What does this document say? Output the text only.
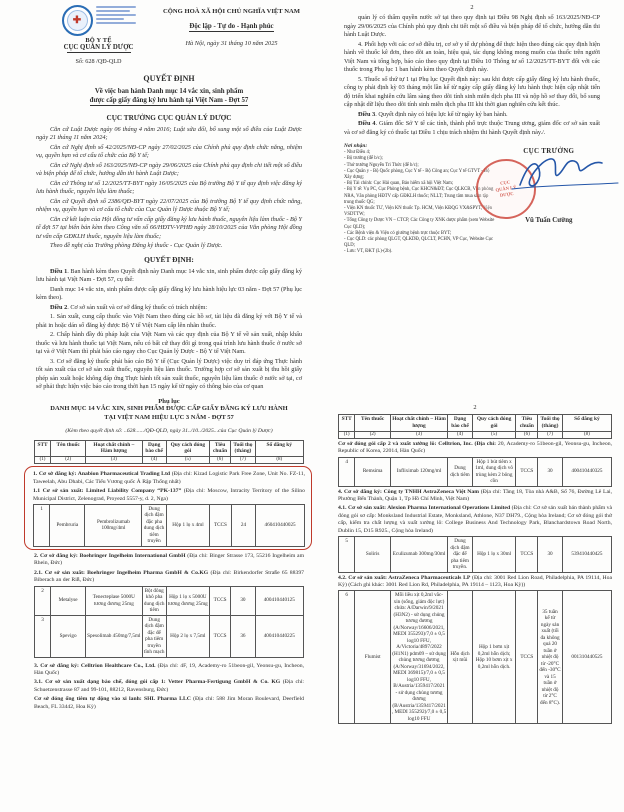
✚
BỘ Y TẾ
CỤC QUẢN LÝ DƯỢC
Số: 628 /QĐ-QLD
CỘNG HOÀ XÃ HỘI CHỦ NGHĨA VIỆT NAM
Độc lập - Tự do - Hạnh phúc
Hà Nội, ngày 31 tháng 10 năm 2025
QUYẾT ĐỊNH
Về việc ban hành Danh mục 14 vắc xin, sinh phẩm
được cấp giấy đăng ký lưu hành tại Việt Nam - Đợt 57
CỤC TRƯỞNG CỤC QUẢN LÝ DƯỢC

Căn cứ Luật Dược ngày 06 tháng 4 năm 2016; Luật sửa đổi, bổ sung một số điều của Luật Dược ngày 21 tháng 11 năm 2024;

Căn cứ Nghị định số 42/2025/NĐ-CP ngày 27/02/2025 của Chính phủ quy định chức năng, nhiệm vụ, quyền hạn và cơ cấu tổ chức của Bộ Y tế;

Căn cứ Nghị định số 163/2025/NĐ-CP ngày 29/06/2025 của Chính phủ quy định chi tiết một số điều và biện pháp để tổ chức, hướng dẫn thi hành Luật Dược;

Căn cứ Thông tư số 12/2025/TT-BYT ngày 16/05/2025 của Bộ trưởng Bộ Y tế quy định việc đăng ký lưu hành thuốc, nguyên liệu làm thuốc;

Căn cứ Quyết định số 2386/QĐ-BYT ngày 22/07/2025 của Bộ trưởng Bộ Y tế quy định chức năng, nhiệm vụ, quyền hạn và cơ cấu tổ chức của Cục Quản lý Dược thuộc Bộ Y tế;

Căn cứ kết luận của Hội đồng tư vấn cấp giấy đăng ký lưu hành thuốc, nguyên liệu làm thuốc - Bộ Y tế đợt 57 tại biên bản kèm theo Công văn số 66/HĐTV-VPHĐ ngày 28/10/2025 của Văn phòng Hội đồng tư vấn cấp GĐKLH thuốc, nguyên liệu làm thuốc;

Theo đề nghị của Trưởng phòng Đăng ký thuốc - Cục Quản lý Dược.

QUYẾT ĐỊNH:

Điều 1. Ban hành kèm theo Quyết định này Danh mục 14 vắc xin, sinh phẩm được cấp giấy đăng ký lưu hành tại Việt Nam - Đợt 57, cụ thể:

Danh mục 14 vắc xin, sinh phẩm được cấp giấy đăng ký lưu hành hiệu lực 03 năm - Đợt 57 (Phụ lục kèm theo).

Điều 2. Cơ sở sản xuất và cơ sở đăng ký thuốc có trách nhiệm:

1. Sản xuất, cung cấp thuốc vào Việt Nam theo đúng các hồ sơ, tài liệu đã đăng ký với Bộ Y tế và phải in hoặc dán số đăng ký được Bộ Y tế Việt Nam cấp lên nhãn thuốc.

2. Chấp hành đầy đủ pháp luật của Việt Nam và các quy định của Bộ Y tế về sản xuất, nhập khẩu thuốc và lưu hành thuốc tại Việt Nam, nếu có bất cứ thay đổi gì trong quá trình lưu hành thuốc ở nước sở tại và ở Việt Nam thì phải báo cáo ngay cho Cục Quản lý Dược - Bộ Y tế Việt Nam.

3. Cơ sở đăng ký thuốc phải báo cáo Bộ Y tế (Cục Quản lý Dược) việc duy trì đáp ứng Thực hành tốt sản xuất của cơ sở sản xuất thuốc, nguyên liệu làm thuốc. Trường hợp cơ sở sản xuất bị thu hồi giấy phép sản xuất hoặc không đáp ứng Thực hành tốt sản xuất thuốc, nguyên liệu làm thuốc ở nước sở tại, cơ sở phải thực hiện việc báo cáo trong thời hạn 15 ngày kể từ ngày có thông báo của cơ quan

2

quản lý có thẩm quyền nước sở tại theo quy định tại Điều 98 Nghị định số 163/2025/NĐ-CP ngày 29/06/2025 của Chính phủ quy định chi tiết một số điều và biện pháp để tổ chức, hướng dẫn thi hành Luật Dược.

4. Phối hợp với các cơ sở điều trị, cơ sở y tế dự phòng để thực hiện theo đúng các quy định hiện hành về thuốc kê đơn, theo dõi an toàn, hiệu quả, tác dụng không mong muốn của thuốc trên người Việt Nam và tổng hợp, báo cáo theo quy định tại Điều 10 Thông tư số 12/2025/TT-BYT đối với các thuốc trong Phụ lục 1 ban hành kèm theo Quyết định này.

5. Thuốc số thứ tự 1 tại Phụ lục Quyết định này: sau khi được cấp giấy đăng ký lưu hành thuốc, công ty phải định kỳ 03 tháng một lần kể từ ngày cấp giấy đăng ký lưu hành thực hiện cập nhật tiến độ triển khai nghiên cứu lâm sàng theo dõi tính sinh miễn dịch pha III và nộp hồ sơ thay đổi, bổ sung cập nhật dữ liệu theo dõi tính sinh miễn dịch pha III khi thời gian nghiên cứu kết thúc.

Điều 3. Quyết định này có hiệu lực kể từ ngày ký ban hành.

Điều 4. Giám đốc Sở Y tế các tỉnh, thành phố trực thuộc Trung ương, giám đốc cơ sở sản xuất và cơ sở đăng ký có thuốc tại Điều 1 chịu trách nhiệm thi hành Quyết định này./.

Nơi nhận:
- Như Điều 4;
- Bộ trưởng (để b/c);
- Thứ trưởng Nguyễn Tri Thức (để b/c);
- Cục Quân y - Bộ Quốc phòng, Cục Y tế - Bộ Công an; Cục Y tế GTVT - Bộ Xây dựng;
- Bộ Tài chính: Cục Hải quan, Bảo hiểm xã hội Việt Nam;
- Bộ Y tế: Vụ PC, Cục Phòng bệnh, Cục KHCN&ĐT; Cục QLKCB, Văn phòng NRA, Văn phòng HĐTV cấp GĐKLH thuốc; NLLT; Trung tâm mua sắm tập trung thuốc QG;
- Viện KN thuốc TƯ, Viện KN thuốc Tp. HCM, Viện KĐQG VX&SPYT, Viện VSDTTW;
- Tổng Công ty Dược VN – CTCP, Các Công ty XNK dược phẩm (xem Website Cục QLD);
- Các Bệnh viện & Viện có giường bệnh trực thuộc BYT;
- Cục QLD: các phòng QLGT, QLKDĐ, QLCLT, PCHN, VP Cục, Website Cục QLD;
- Lưu: VT, ĐKT (L)-(2b).
CỤC TRƯỞNG
CỤC
QUẢN LÝ
DƯỢC
Vũ Tuấn Cường
Phụ lục
DANH MỤC 14 VẮC XIN, SINH PHẨM ĐƯỢC CẤP GIẤY ĐĂNG KÝ LƯU HÀNH
TẠI VIỆT NAM HIỆU LỰC 3 NĂM - ĐỢT 57
(Kèm theo quyết định số: ..628....../QĐ-QLD, ngày 31../10../2025...của Cục Quản lý Dược)
STT	Tên thuốc	Hoạt chất chính – Hàm lượng	Dạng bào chế	Quy cách đóng gói	Tiêu chuẩn	Tuổi thọ (tháng)	Số đăng ký
(1)	(2)	(3)	(4)	(5)	(6)	(7)	(8)
1. Cơ sở đăng ký: Anabion Pharmaceutical Trading Ltd (Địa chỉ: Kizad Logistic Park Free Zone, Unit No. FZ-11, Taweelah, Abu Dhabi, Các Tiểu Vương quốc Ả Rập Thống nhất)
1.1 Cơ sở sản xuất: Limited Liability Company “PK-137” (Địa chỉ: Moscow, Intracity Territory of the Silino Municipal District, Zelenograd, Proyezd 5557-y, d. 2, Nga)
1	Pembruria	Pembrolizumab 100mg/4ml	Dung dịch đậm đặc pha dung dịch tiêm truyền	Hộp 1 lọ x 4ml	TCCS	24	460410440025
2. Cơ sở đăng ký: Boehringer Ingelheim International GmbH (Địa chỉ: Binger Strasse 173, 55216 Ingelheim am Rhein, Đức)
2.1. Cơ sở sản xuất: Boehringer Ingelheim Pharma GmbH & Co.KG (Địa chỉ: Birkendorfer Straße 65 88397 Biberach an der Riß, Đức)
2	Metalyse	Tenecteplase 5000U tương đương 25mg	Bột đông khô pha dung dịch tiêm	Hộp 1 lọ x 5000U tương đương 25mg	TCCS	30	400410440125
3	Spevigo	Spesolimab 450mg/7,5ml	Dung dịch đậm đặc để pha tiêm truyền tĩnh mạch	Hộp 2 lọ x 7,5ml	TCCS	36	400410440225
3. Cơ sở đăng ký: Celltrion Healthcare Co., Ltd. (Địa chỉ: 4F, 19, Academy-ro 51beon-gil, Yeonsu-gu, Incheon, Hàn Quốc)
3.1. Cơ sở sản xuất dạng bào chế, đóng gói cấp 1: Vetter Pharma-Fertigung GmbH & Co. KG (Địa chỉ: Schuetzenstrasse 87 and 99-101, 88212, Ravensburg, Đức)
Cơ sở đóng ống tiêm tự động vào xi lanh: SHL Pharma LLC (Địa chỉ: 588 Jim Moran Boulevard, Deerfield Beach, FL 33442, Hoa Kỳ)
2
STT	Tên thuốc	Hoạt chất chính – Hàm lượng	Dạng bào chế	Quy cách đóng gói	Tiêu chuẩn	Tuổi thọ (tháng)	Số đăng ký
(1)	(2)	(3)	(4)	(5)	(6)	(7)	(8)
Cơ sở đóng gói cấp 2 và xuất xưởng lô: Celltrion, Inc. (Địa chỉ: 20, Academy-ro 51beon-gil, Yeonsu-gu, Incheon, Republic of Korea, 22014, Hàn Quốc)
4	Remsima	Infliximab 120mg/ml	Dung dịch tiêm	Hộp 1 bút tiêm x 1ml, dung dịch vô trùng kèm 2 bông cồn	TCCS	30	400410440325
4. Cơ sở đăng ký: Công ty TNHH AstraZeneca Việt Nam (Địa chỉ: Tầng 18, Tòa nhà A&B, Số 76, Đường Lê Lai, Phường Bến Thành, Quận 1, Tp Hồ Chí Minh, Việt Nam)
4.1. Cơ sở sản xuất: Alexion Pharma International Operations Limited (Địa chỉ: Cơ sở sản xuất bán thành phẩm và đóng gói sơ cấp: Monksland Industrial Estate, Monksland, Athlone, N37 DH79., Cộng hòa Ireland; Cơ sở đóng gói thứ cấp, kiểm tra chất lượng và xuất xưởng lô: College Business And Technology Park, Blanchardstown Road North, Dublin 15, D15 R925., Cộng hòa Ireland)
5	Soliris	Eculizumab 300mg/30ml	Dung dịch đậm đặc để pha tiêm truyền.	Hộp 1 lọ x 30ml	TCCS	30	539410440425
4.2. Cơ sở sản xuất: AstraZeneca Pharmaceuticals LP (Địa chỉ: 3001 Red Lion Road, Philadelphia, PA 19114, Hoa Kỳ) (Cách ghi khác: 3001 Red Lion Rd, Philadelphia, PA 19114 – 1123, Hoa Kỳ))
6	Flumist	Mỗi liều xịt 0,2ml vắc-xin (sống, giảm độc lực) chứa: A/Darwin/9/2021 (H3N2) - sử dụng chủng tương đương (A/Norway/16606/2021, MEDI 355293)/7,0 ± 0,5 log10 FFU, A/Victoria/4897/2022 (H1N1) pdm09 – sử dụng chủng tương đương (A/Norway/31694/2022, MEDI 369815)/7,0 ± 0,5 log10 FFU, B/Austria/1359417/2021 - sử dụng chủng tương đương (B/Austria/1359417/2021, MEDI 355292)/7,0 ± 0,5 log10 FFU	Hỗn dịch xịt mũi	Hộp 1 bơm xịt 0,2ml hỗn dịch; Hộp 10 bơm xịt x 0,2ml hỗn dịch.	TCCS	35 tuần kể từ ngày sản xuất (tối đa không quá 20 tuần ở nhiệt độ từ -20°C đến -30°C và 15 tuần ở nhiệt độ từ 2°C đến 8°C).	001310440525
